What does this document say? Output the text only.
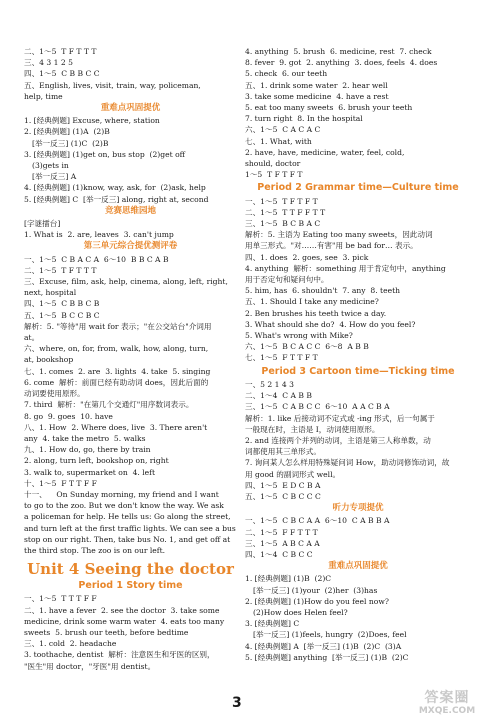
二、1～5  T F T T T
三、4 3 1 2 5
四、1～5  C B B C C
五、English, lives, visit, train, way, policeman,
help, time
重难点巩固提优
1. [经典例题] Excuse, where, station
2. [经典例题] (1)A  (2)B
[举一反三] (1)C  (2)B
3. [经典例题] (1)get on, bus stop  (2)get off
(3)gets in
[举一反三] A
4. [经典例题] (1)know, way, ask, for  (2)ask, help
5. [经典例题] C  [举一反三] along, right at, second
竞赛思维园地
[字谜擂台]
1. What is  2. are, leaves  3. can't jump
第三单元综合提优测评卷
一、1～5  C B A C A  6～10  B B C A B
二、1～5  T F T T T
三、Excuse, film, ask, help, cinema, along, left, right,
next, hospital
四、1～5  C B B C B
五、1～5  B C C B C
解析：5. "等待"用 wait for 表示；"在公交站台"介词用
at。
六、where, on, for, from, walk, how, along, turn,
at, bookshop
七、1. comes  2. are  3. lights  4. take  5. singing
6. come  解析：前面已经有助动词 does，因此后面的
动词要使用原形。
7. third  解析："在第几个交通灯"用序数词表示。
8. go  9. goes  10. have
八、1. How  2. Where does, live  3. There aren't
any  4. take the metro  5. walks
九、1. How do, go, there by train
2. along, turn left, bookshop on, right
3. walk to, supermarket on  4. left
十、1～5  F T T F F
十一、    On Sunday morning, my friend and I want
to go to the zoo. But we don't know the way. We ask
a policeman for help. He tells us: Go along the street,
and turn left at the first traffic lights. We can see a bus
stop on our right. Then, take bus No. 1, and get off at
the third stop. The zoo is on our left.
Unit 4 Seeing the doctor
Period 1 Story time
一、1～5  T T T F F
二、1. have a fever  2. see the doctor  3. take some
medicine, drink some warm water  4. eats too many
sweets  5. brush our teeth, before bedtime
三、1. cold  2. headache
3. toothache, dentist  解析：注意医生和牙医的区别，
"医生"用 doctor，"牙医"用 dentist。
4. anything  5. brush  6. medicine, rest  7. check
8. fever  9. got  2. anything  3. does, feels  4. does
5. check  6. our teeth
五、1. drink some water  2. hear well
3. take some medicine  4. have a rest
5. eat too many sweets  6. brush your teeth
7. turn right  8. In the hospital
六、1～5  C A C A C
七、1. What, with
2. have, have, medicine, water, feel, cold,
should, doctor
1～5  T F T F T
Period 2 Grammar time—Culture time
一、1～5  T F T F T
二、1～5  T T F F T T
三、1～5  B C B A C
解析：5. 主语为 Eating too many sweets，因此动词
用单三形式。"对……有害"用 be bad for… 表示。
四、1. does  2. goes, see  3. pick
4. anything  解析：something 用于肯定句中，anything
用于否定句和疑问句中。
5. him, has  6. shouldn't  7. any  8. teeth
五、1. Should I take any medicine?
2. Ben brushes his teeth twice a day.
3. What should she do?  4. How do you feel?
5. What's wrong with Mike?
六、1～5  B C A C C  6～8  A B B
七、1～5  F T T F T
Period 3 Cartoon time—Ticking time
一、5 2 1 4 3
二、1～4  C A B B
三、1～5  C A B C C  6～10  A A C B A
解析：1. like 后接动词不定式或 -ing 形式，后一句属于
一般现在时，主语是 I，动词使用原形。
2. and 连接两个并列的动词，主语是第三人称单数，动
词都使用其三单形式。
7. 询问某人怎么样用特殊疑问词 How，助动词修饰动词，故
用 good 的副词形式 well。
四、1～5  E D C B A
五、1～5  C B C C C
听力专项提优
一、1～5  C B C A A  6～10  C A B B A
二、1～5  F F T T T
三、1～5  A B C A A
四、1～4  C B C C
重难点巩固提优
1. [经典例题] (1)B  (2)C
[举一反三] (1)your  (2)her  (3)has
2. [经典例题] (1)How do you feel now?
(2)How does Helen feel?
3. [经典例题] C
[举一反三] (1)feels, hungry  (2)Does, feel
4. [经典例题] A  [举一反三] (1)B  (2)C  (3)A
5. [经典例题] anything  [举一反三] (1)B  (2)C
3	答案圈
MXQE.COM
